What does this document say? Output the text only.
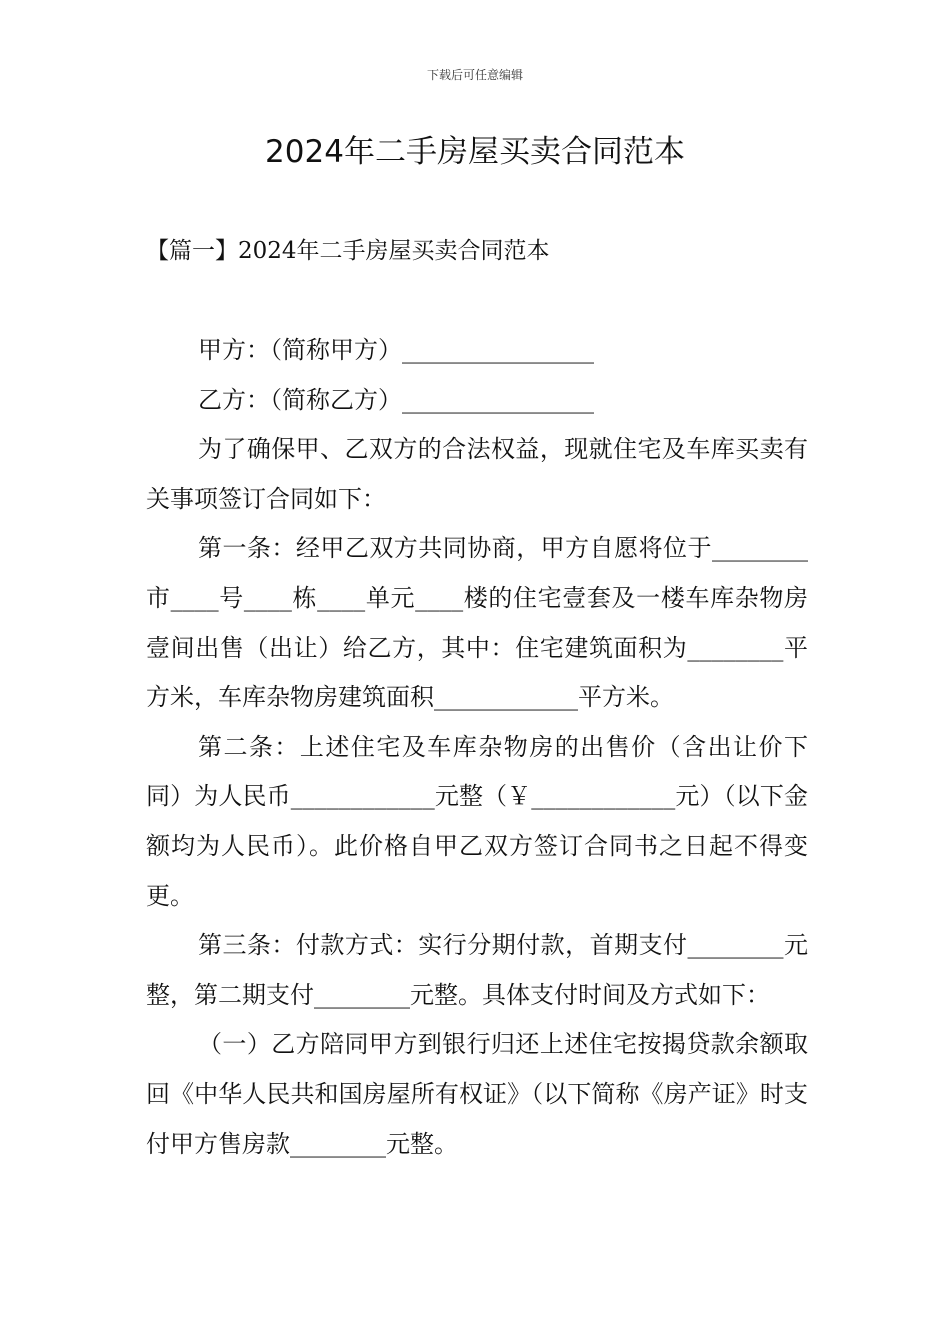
下载后可任意编辑
2024年二手房屋买卖合同范本
【篇一】2024年二手房屋买卖合同范本

甲方：（简称甲方）________________

乙方：（简称乙方）________________

为了确保甲、乙双方的合法权益，现就住宅及车库买卖有关事项签订合同如下：

第一条：经甲乙双方共同协商，甲方自愿将位于________市____号____栋____单元____楼的住宅壹套及一楼车库杂物房壹间出售（出让）给乙方，其中：住宅建筑面积为________平方米，车库杂物房建筑面积____________平方米。

第二条：上述住宅及车库杂物房的出售价（含出让价下同）为人民币____________元整（￥____________元）（以下金额均为人民币）。此价格自甲乙双方签订合同书之日起不得变更。

第三条：付款方式：实行分期付款，首期支付________元整，第二期支付________元整。具体支付时间及方式如下：

（一）乙方陪同甲方到银行归还上述住宅按揭贷款余额取回《中华人民共和国房屋所有权证》（以下简称《房产证》时支付甲方售房款________元整。
